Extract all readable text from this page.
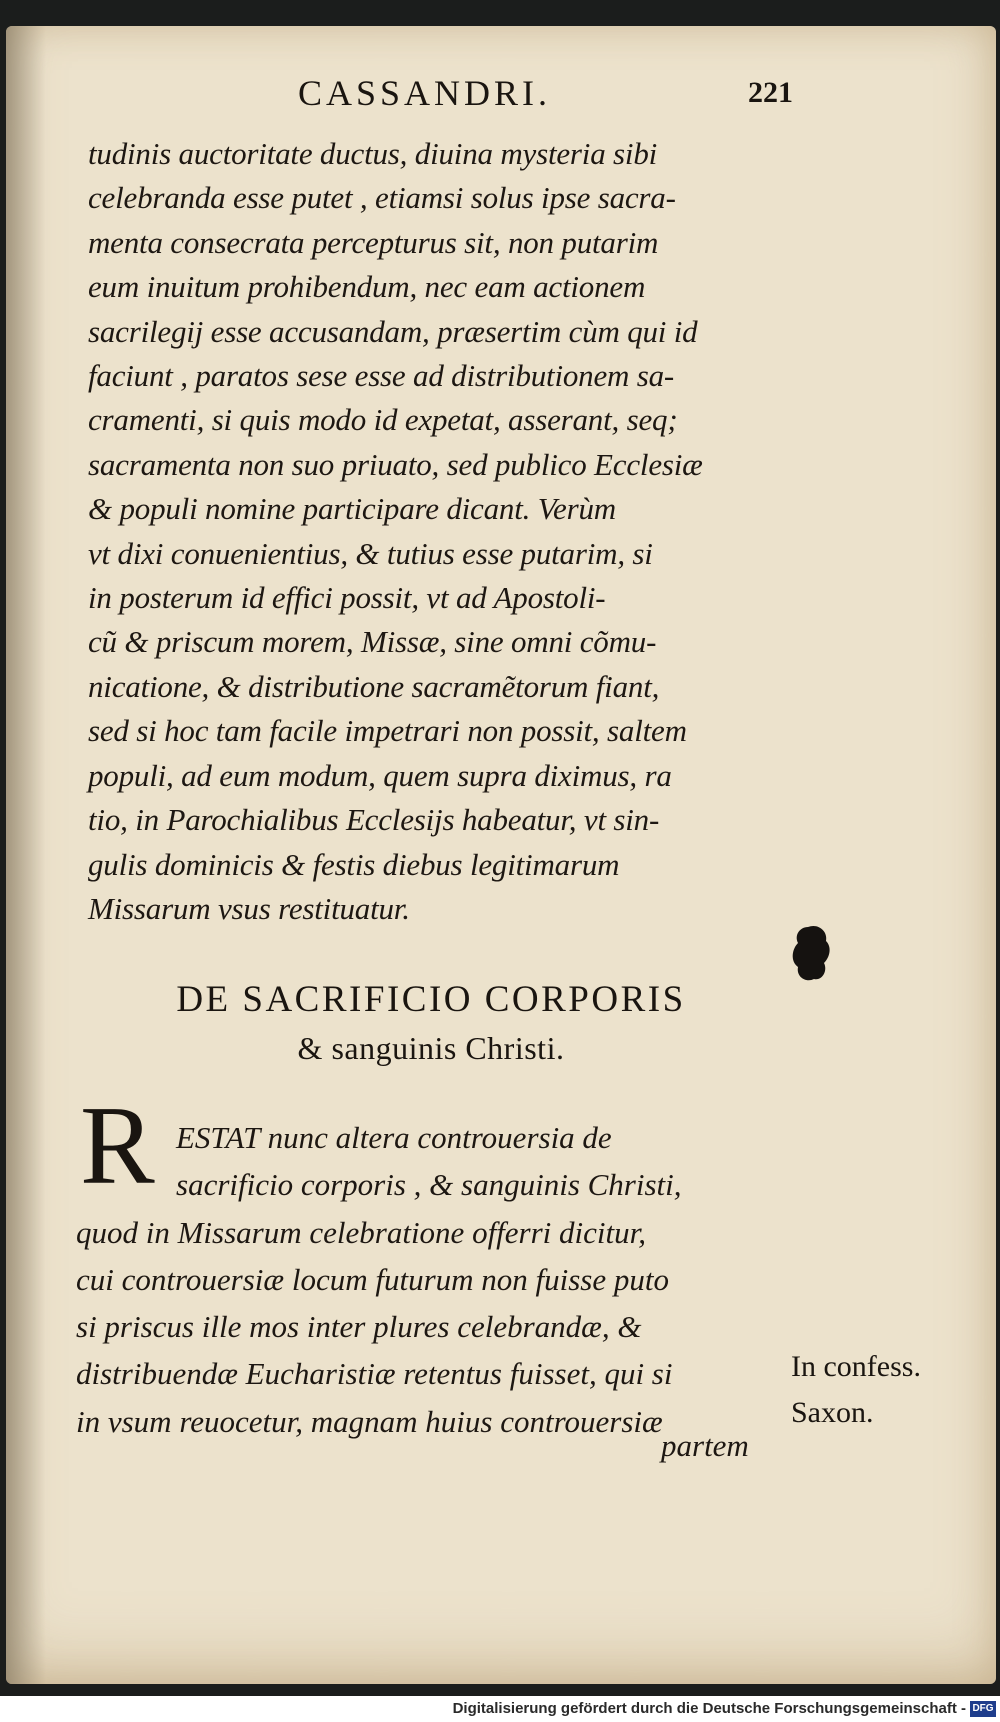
CASSANDRI.	221
tudinis auctoritate ductus, diuina mysteria sibi
celebranda esse putet , etiamsi solus ipse sacra-
menta consecrata percepturus sit, non putarim
eum inuitum prohibendum, nec eam actionem
sacrilegij esse accusandam, præsertim cùm qui id
faciunt , paratos sese esse ad distributionem sa-
cramenti, si quis modo id expetat, asserant, seq;
sacramenta non suo priuato, sed publico Ecclesiæ
& populi nomine participare dicant. Verùm
vt dixi conuenientius, & tutius esse putarim, si
in posterum id effici possit, vt ad Apostoli-
cũ & priscum morem, Missæ, sine omni cõmu-
nicatione, & distributione sacramẽtorum fiant,
sed si hoc tam facile impetrari non possit, saltem
populi, ad eum modum, quem supra diximus, ra
tio, in Parochialibus Ecclesijs habeatur, vt sin-
gulis dominicis & festis diebus legitimarum
Missarum vsus restituatur.
DE SACRIFICIO CORPORIS
& sanguinis Christi.
R ESTAT nunc altera controuersia de
sacrificio corporis , & sanguinis Christi,
quod in Missarum celebratione offerri dicitur,
cui controuersiæ locum futurum non fuisse puto
si priscus ille mos inter plures celebrandæ, &
distribuendæ Eucharistiæ retentus fuisset, qui si
in vsum reuocetur, magnam huius controuersiæ
partem
In confess.
Saxon.
Digitalisierung gefördert durch die Deutsche Forschungsgemeinschaft - DFG
